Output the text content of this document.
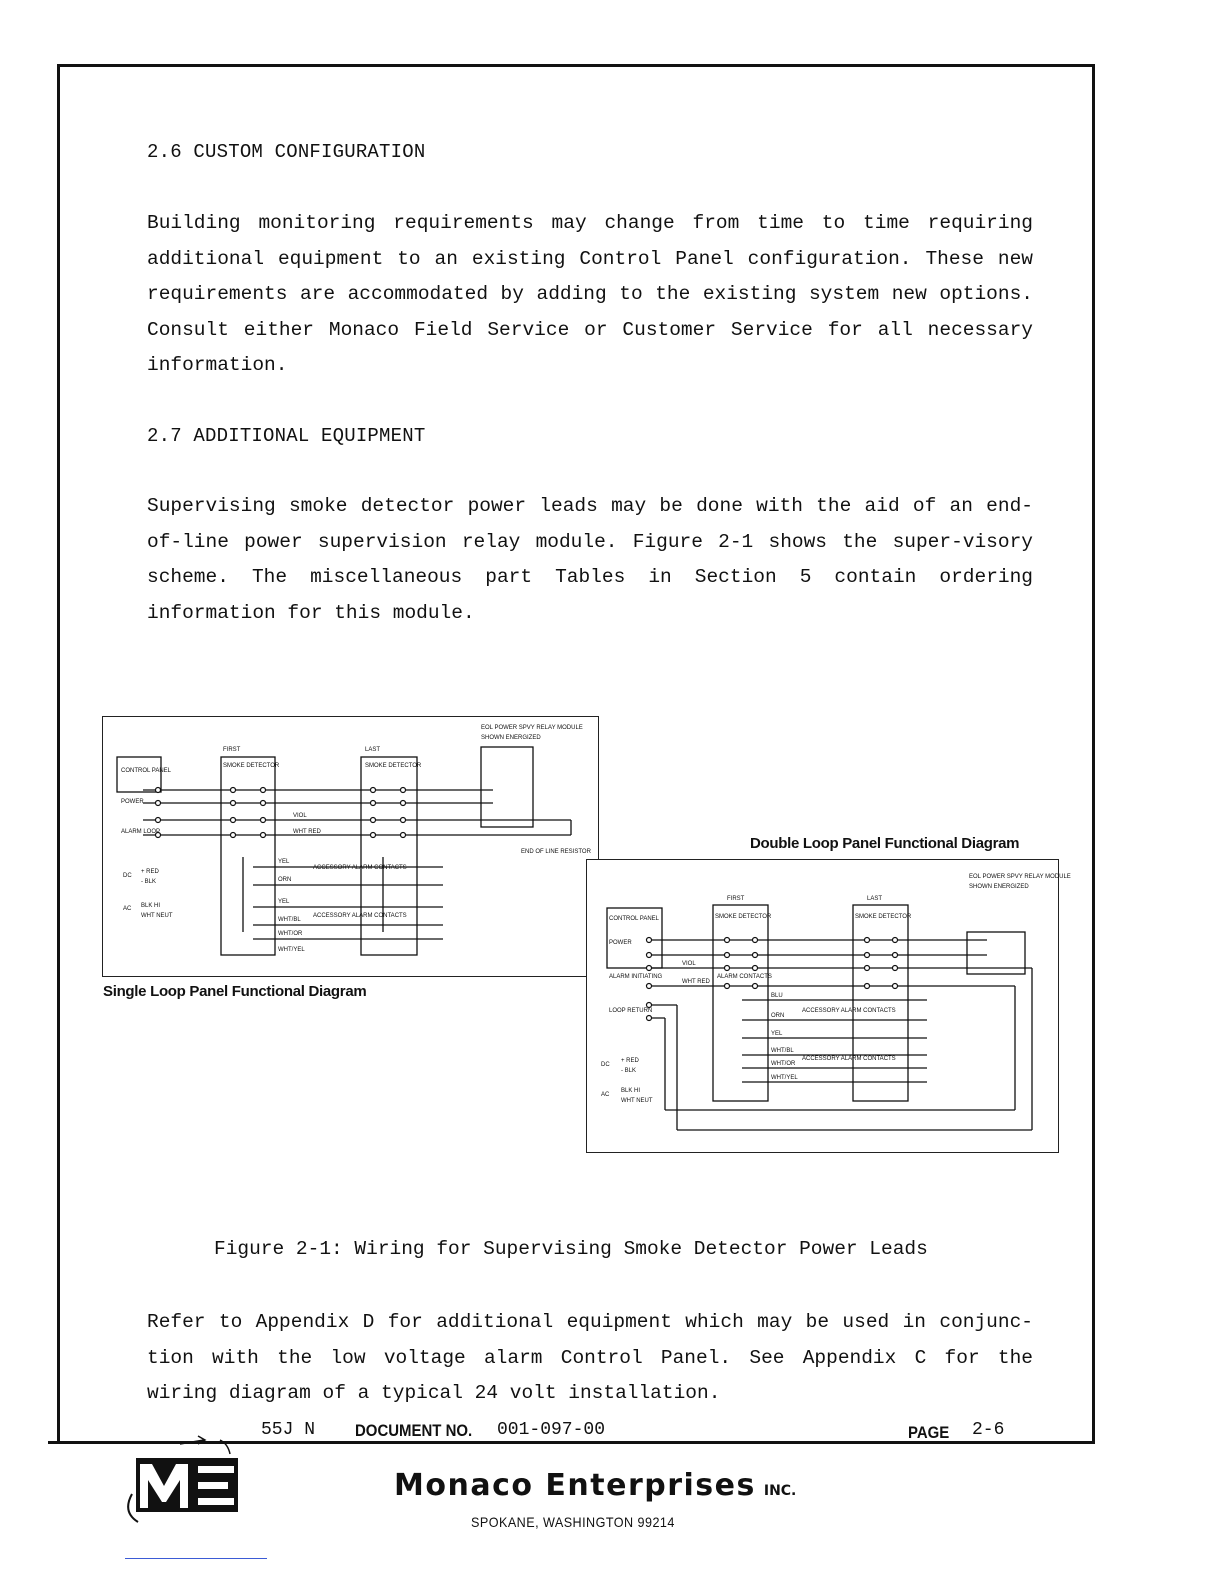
2.6 CUSTOM CONFIGURATION
Building monitoring requirements may change from time to time requiring additional equipment to an existing Control Panel configuration. These new requirements are accommodated by adding to the existing system new options. Consult either Monaco Field Service or Customer Service for all necessary information.
2.7 ADDITIONAL EQUIPMENT
Supervising smoke detector power leads may be done with the aid of an end-of-line power supervision relay module. Figure 2-1 shows the super-visory scheme. The miscellaneous part Tables in Section 5 contain ordering information for this module.
CONTROL PANEL
FIRST
SMOKE DETECTOR
LAST
SMOKE DETECTOR
EOL POWER SPVY RELAY MODULE
SHOWN ENERGIZED
END OF LINE RESISTOR
VIOL
WHT RED
ACCESSORY ALARM CONTACTS
ACCESSORY ALARM CONTACTS
POWER
ALARM LOOP
DC
+ RED
- BLK
AC BLK HI
WHT NEUT
YEL
ORN
YEL
WHT/BL
WHT/OR
WHT/YEL
Single Loop Panel Functional Diagram
Double Loop Panel Functional Diagram
CONTROL PANEL
FIRST
SMOKE DETECTOR
LAST
SMOKE DETECTOR
EOL POWER SPVY RELAY MODULE
SHOWN ENERGIZED
VIOL
WHT RED
ACCESSORY ALARM CONTACTS
ACCESSORY ALARM CONTACTS
POWER
ALARM INITIATING
LOOP RETURN
ALARM CONTACTS
DC
+ RED
- BLK
AC
BLK HI
WHT NEUT
BLU
ORN
YEL
WHT/BL
WHT/OR
WHT/YEL
Figure 2-1: Wiring for Supervising Smoke Detector Power Leads
Refer to Appendix D for additional equipment which may be used in conjunc-tion with the low voltage alarm Control Panel. See Appendix C for the wiring diagram of a typical 24 volt installation.
55J N DOCUMENT NO.	001-097-00	PAGE	2-6
Monaco Enterprises INC.
SPOKANE, WASHINGTON 99214
